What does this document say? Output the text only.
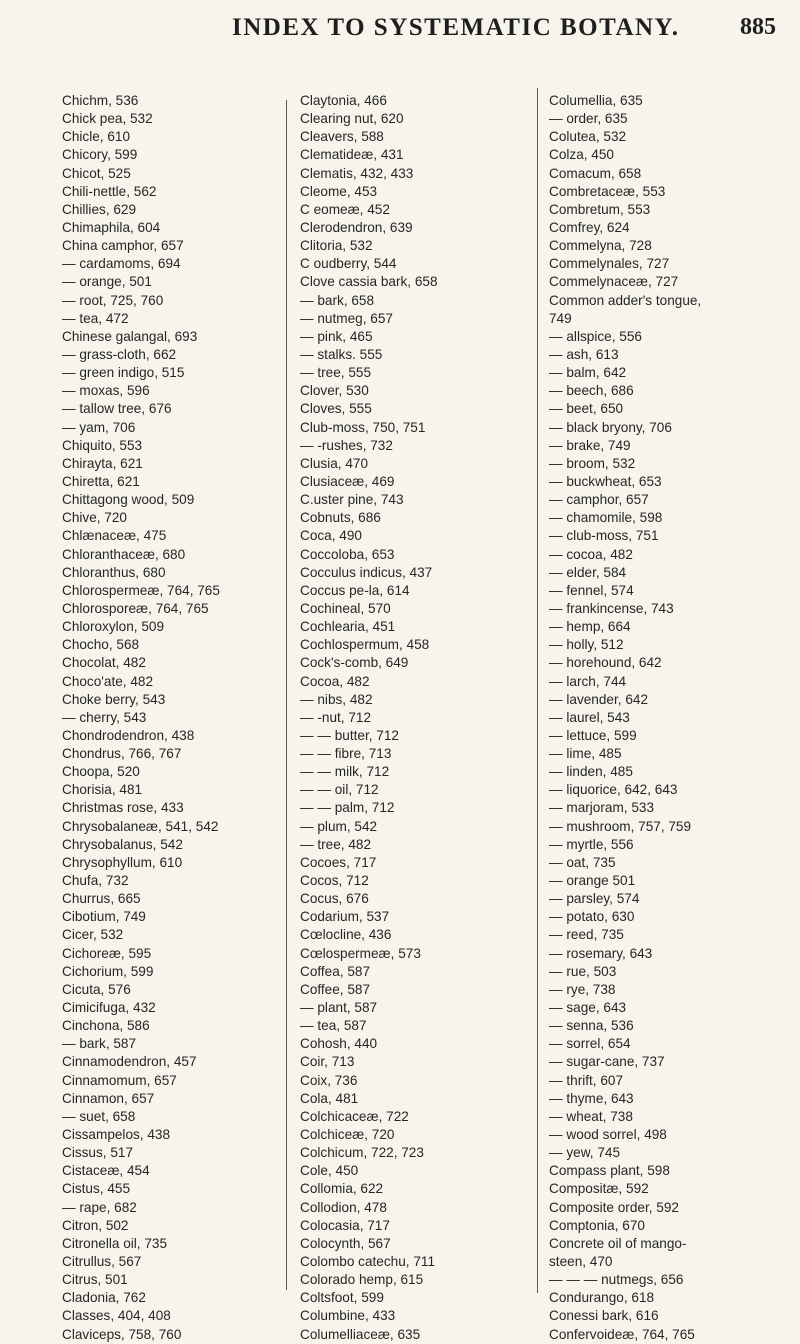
INDEX TO SYSTEMATIC BOTANY.	885
Chichm, 536
Chick pea, 532
Chicle, 610
Chicory, 599
Chicot, 525
Chili-nettle, 562
Chillies, 629
Chimaphila, 604
China camphor, 657
— cardamoms, 694
— orange, 501
— root, 725, 760
— tea, 472
Chinese galangal, 693
— grass-cloth, 662
— green indigo, 515
— moxas, 596
— tallow tree, 676
— yam, 706
Chiquito, 553
Chirayta, 621
Chiretta, 621
Chittagong wood, 509
Chive, 720
Chlænaceæ, 475
Chloranthaceæ, 680
Chloranthus, 680
Chlorospermeæ, 764, 765
Chlorosporeæ, 764, 765
Chloroxylon, 509
Chocho, 568
Chocolat, 482
Choco'ate, 482
Choke berry, 543
— cherry, 543
Chondrodendron, 438
Chondrus, 766, 767
Choopa, 520
Chorisia, 481
Christmas rose, 433
Chrysobalaneæ, 541, 542
Chrysobalanus, 542
Chrysophyllum, 610
Chufa, 732
Churrus, 665
Cibotium, 749
Cicer, 532
Cichoreæ, 595
Cichorium, 599
Cicuta, 576
Cimicifuga, 432
Cinchona, 586
— bark, 587
Cinnamodendron, 457
Cinnamomum, 657
Cinnamon, 657
— suet, 658
Cissampelos, 438
Cissus, 517
Cistaceæ, 454
Cistus, 455
— rape, 682
Citron, 502
Citronella oil, 735
Citrullus, 567
Citrus, 501
Cladonia, 762
Classes, 404, 408
Claviceps, 758, 760
Claytonia, 466
Clearing nut, 620
Cleavers, 588
Clematideæ, 431
Clematis, 432, 433
Cleome, 453
C eomeæ, 452
Clerodendron, 639
Clitoria, 532
C oudberry, 544
Clove cassia bark, 658
— bark, 658
— nutmeg, 657
— pink, 465
— stalks. 555
— tree, 555
Clover, 530
Cloves, 555
Club-moss, 750, 751
— -rushes, 732
Clusia, 470
Clusiaceæ, 469
C.uster pine, 743
Cobnuts, 686
Coca, 490
Coccoloba, 653
Cocculus indicus, 437
Coccus pe-la, 614
Cochineal, 570
Cochlearia, 451
Cochlospermum, 458
Cock's-comb, 649
Cocoa, 482
— nibs, 482
— -nut, 712
— — butter, 712
— — fibre, 713
— — milk, 712
— — oil, 712
— — palm, 712
— plum, 542
— tree, 482
Cocoes, 717
Cocos, 712
Cocus, 676
Codarium, 537
Cœlocline, 436
Cœlospermeæ, 573
Coffea, 587
Coffee, 587
— plant, 587
— tea, 587
Cohosh, 440
Coir, 713
Coix, 736
Cola, 481
Colchicaceæ, 722
Colchiceæ, 720
Colchicum, 722, 723
Cole, 450
Collomia, 622
Collodion, 478
Colocasia, 717
Colocynth, 567
Colombo catechu, 711
Colorado hemp, 615
Coltsfoot, 599
Columbine, 433
Columelliaceæ, 635
Columellia, 635
— order, 635
Colutea, 532
Colza, 450
Comacum, 658
Combretaceæ, 553
Combretum, 553
Comfrey, 624
Commelyna, 728
Commelynales, 727
Commelynaceæ, 727
Common adder's tongue,
749
— allspice, 556
— ash, 613
— balm, 642
— beech, 686
— beet, 650
— black bryony, 706
— brake, 749
— broom, 532
— buckwheat, 653
— camphor, 657
— chamomile, 598
— club-moss, 751
— cocoa, 482
— elder, 584
— fennel, 574
— frankincense, 743
— hemp, 664
— holly, 512
— horehound, 642
— larch, 744
— lavender, 642
— laurel, 543
— lettuce, 599
— lime, 485
— linden, 485
— liquorice, 642, 643
— marjoram, 533
— mushroom, 757, 759
— myrtle, 556
— oat, 735
— orange 501
— parsley, 574
— potato, 630
— reed, 735
— rosemary, 643
— rue, 503
— rye, 738
— sage, 643
— senna, 536
— sorrel, 654
— sugar-cane, 737
— thrift, 607
— thyme, 643
— wheat, 738
— wood sorrel, 498
— yew, 745
Compass plant, 598
Compositæ, 592
Composite order, 592
Comptonia, 670
Concrete oil of mango-
steen, 470
— — — nutmegs, 656
Condurango, 618
Conessi bark, 616
Confervoideæ, 764, 765
